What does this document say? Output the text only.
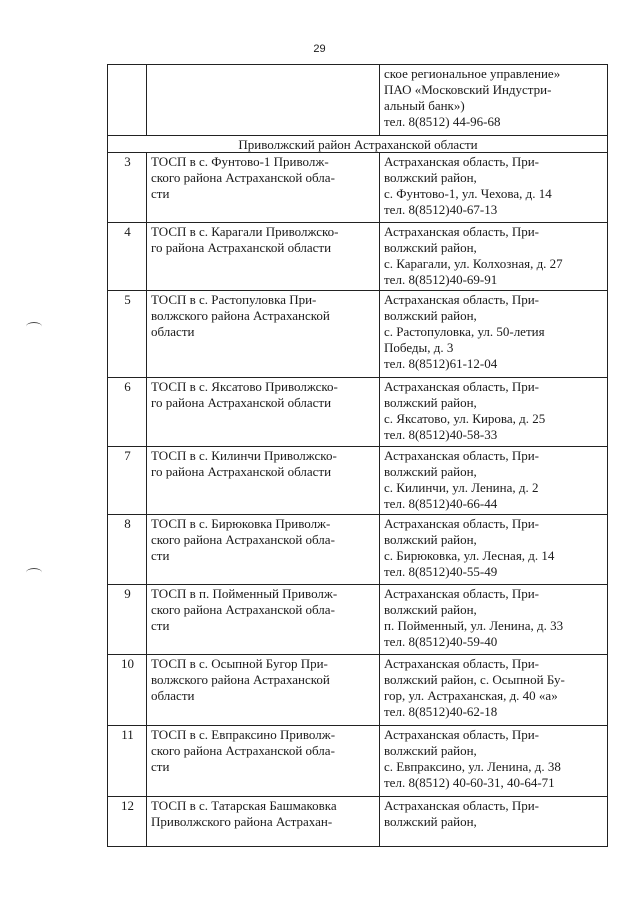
29

		ское региональное управление»
ПАО «Московский Индустри-
альный банк»)
тел. 8(8512) 44-96-68

Приволжский район Астраханской области		
3	ТОСП в с. Фунтово-1 Приволж-
ского района Астраханской обла-
сти	Астраханская область, При-
волжский район,
с. Фунтово-1, ул. Чехова, д. 14
тел. 8(8512)40-67-13

4	ТОСП в с. Карагали Приволжско-
го района Астраханской области	Астраханская область, При-
волжский район,
с. Карагали, ул. Колхозная, д. 27
тел. 8(8512)40-69-91

5	ТОСП в с. Растопуловка При-
волжского района Астраханской
области	Астраханская область, При-
волжский район,
с. Растопуловка, ул. 50-летия
Победы, д. 3
тел. 8(8512)61-12-04

6	ТОСП в с. Яксатово Приволжско-
го района Астраханской области	Астраханская область, При-
волжский район,
с. Яксатово, ул. Кирова, д. 25
тел. 8(8512)40-58-33

7	ТОСП в с. Килинчи Приволжско-
го района Астраханской области	Астраханская область, При-
волжский район,
с. Килинчи, ул. Ленина, д. 2
тел. 8(8512)40-66-44

8	ТОСП в с. Бирюковка Приволж-
ского района Астраханской обла-
сти	Астраханская область, При-
волжский район,
с. Бирюковка, ул. Лесная, д. 14
тел. 8(8512)40-55-49

9	ТОСП в п. Пойменный Приволж-
ского района Астраханской обла-
сти	Астраханская область, При-
волжский район,
п. Пойменный, ул. Ленина, д. 33
тел. 8(8512)40-59-40

10	ТОСП в с. Осыпной Бугор При-
волжского района Астраханской
области	Астраханская область, При-
волжский район, с. Осыпной Бу-
гор, ул. Астраханская, д. 40 «а»
тел. 8(8512)40-62-18

11	ТОСП в с. Евпраксино Приволж-
ского района Астраханской обла-
сти	Астраханская область, При-
волжский район,
с. Евпраксино, ул. Ленина, д. 38
тел. 8(8512) 40-60-31, 40-64-71

12	ТОСП в с. Татарская Башмаковка
Приволжского района Астрахан-	Астраханская область, При-
волжский район,
